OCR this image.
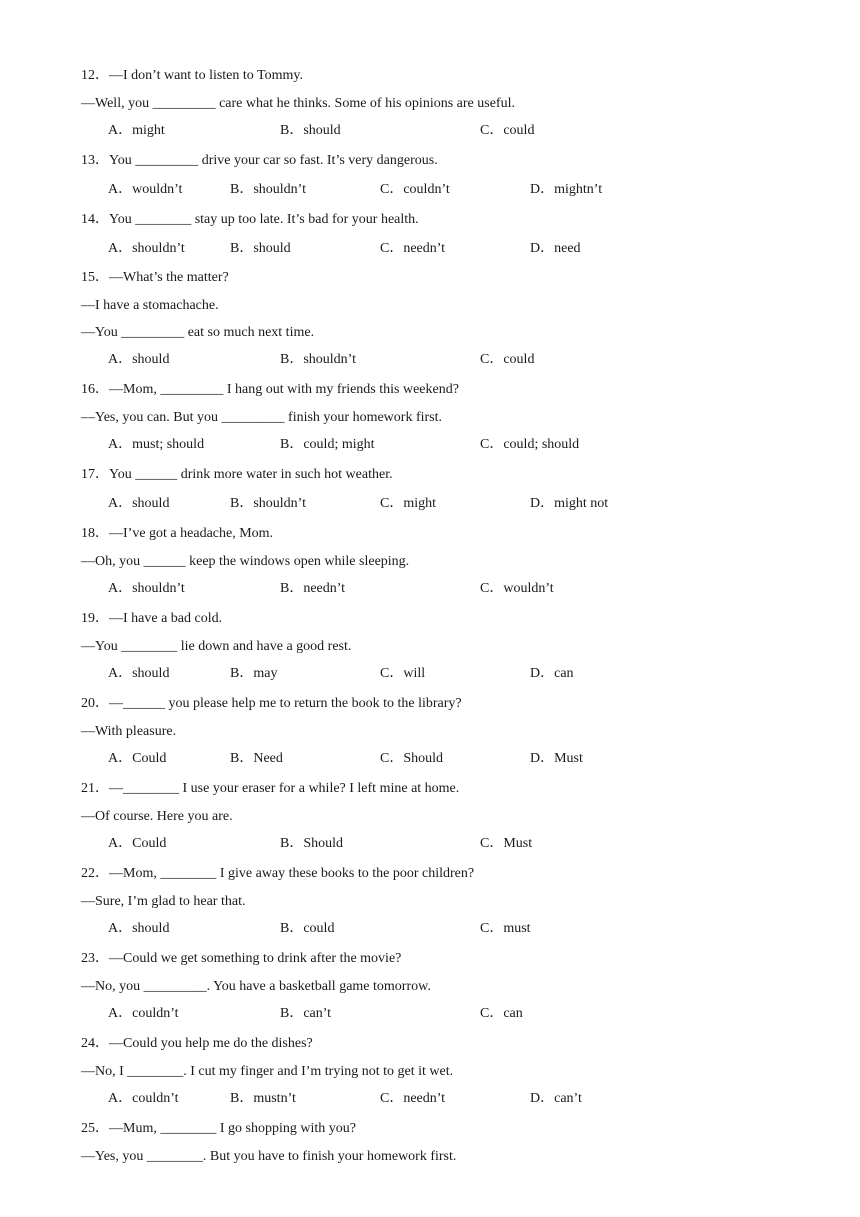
12．—I don’t want to listen to Tommy.
—Well, you _________ care what he thinks. Some of his opinions are useful.
A．might	B．should	C．could
13．You _________ drive your car so fast. It’s very dangerous.
A．wouldn’t	B．shouldn’t	C．couldn’t	D．mightn’t
14．You ________ stay up too late. It’s bad for your health.
A．shouldn’t	B．should	C．needn’t	D．need
15．—What’s the matter?
—I have a stomachache.
—You _________ eat so much next time.
A．should	B．shouldn’t	C．could
16．—Mom, _________ I hang out with my friends this weekend?
—Yes, you can. But you _________ finish your homework first.
A．must; should	B．could; might	C．could; should
17．You ______ drink more water in such hot weather.
A．should	B．shouldn’t	C．might	D．might not
18．—I’ve got a headache, Mom.
—Oh, you ______ keep the windows open while sleeping.
A．shouldn’t	B．needn’t	C．wouldn’t
19．—I have a bad cold.
—You ________ lie down and have a good rest.
A．should	B．may	C．will	D．can
20．—______ you please help me to return the book to the library?
—With pleasure.
A．Could	B．Need	C．Should	D．Must
21．—________ I use your eraser for a while? I left mine at home.
—Of course. Here you are.
A．Could	B．Should	C．Must
22．—Mom, ________ I give away these books to the poor children?
—Sure, I’m glad to hear that.
A．should	B．could	C．must
23．—Could we get something to drink after the movie?
—No, you _________. You have a basketball game tomorrow.
A．couldn’t	B．can’t	C．can
24．—Could you help me do the dishes?
—No, I ________. I cut my finger and I’m trying not to get it wet.
A．couldn’t	B．mustn’t	C．needn’t	D．can’t
25．—Mum, ________ I go shopping with you?
—Yes, you ________. But you have to finish your homework first.
